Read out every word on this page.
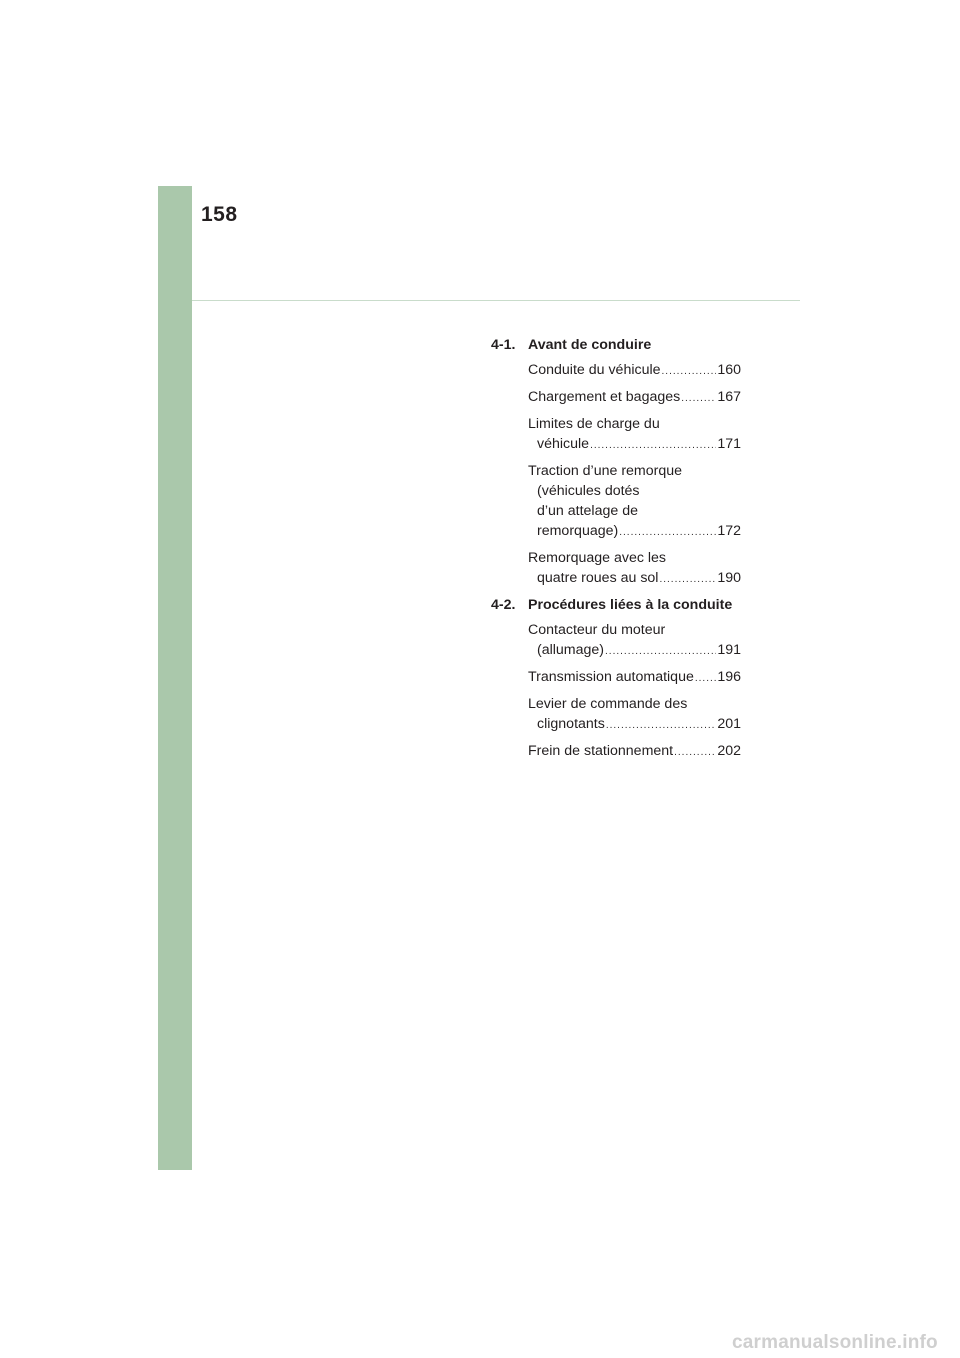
158
4-1. Avant de conduire
Conduite du véhicule .....	160
Chargement et bagages .....	167
Limites de charge du
véhicule .....	171
Traction d’une remorque
(véhicules dotés
d’un attelage de
remorquage) .....	172
Remorquage avec les
quatre roues au sol .....	190
4-2. Procédures liées à la conduite
Contacteur du moteur
(allumage) .....	191
Transmission automatique ..... 196
Levier de commande des
clignotants .....	201
Frein de stationnement .....	202
carmanualsonline.info
